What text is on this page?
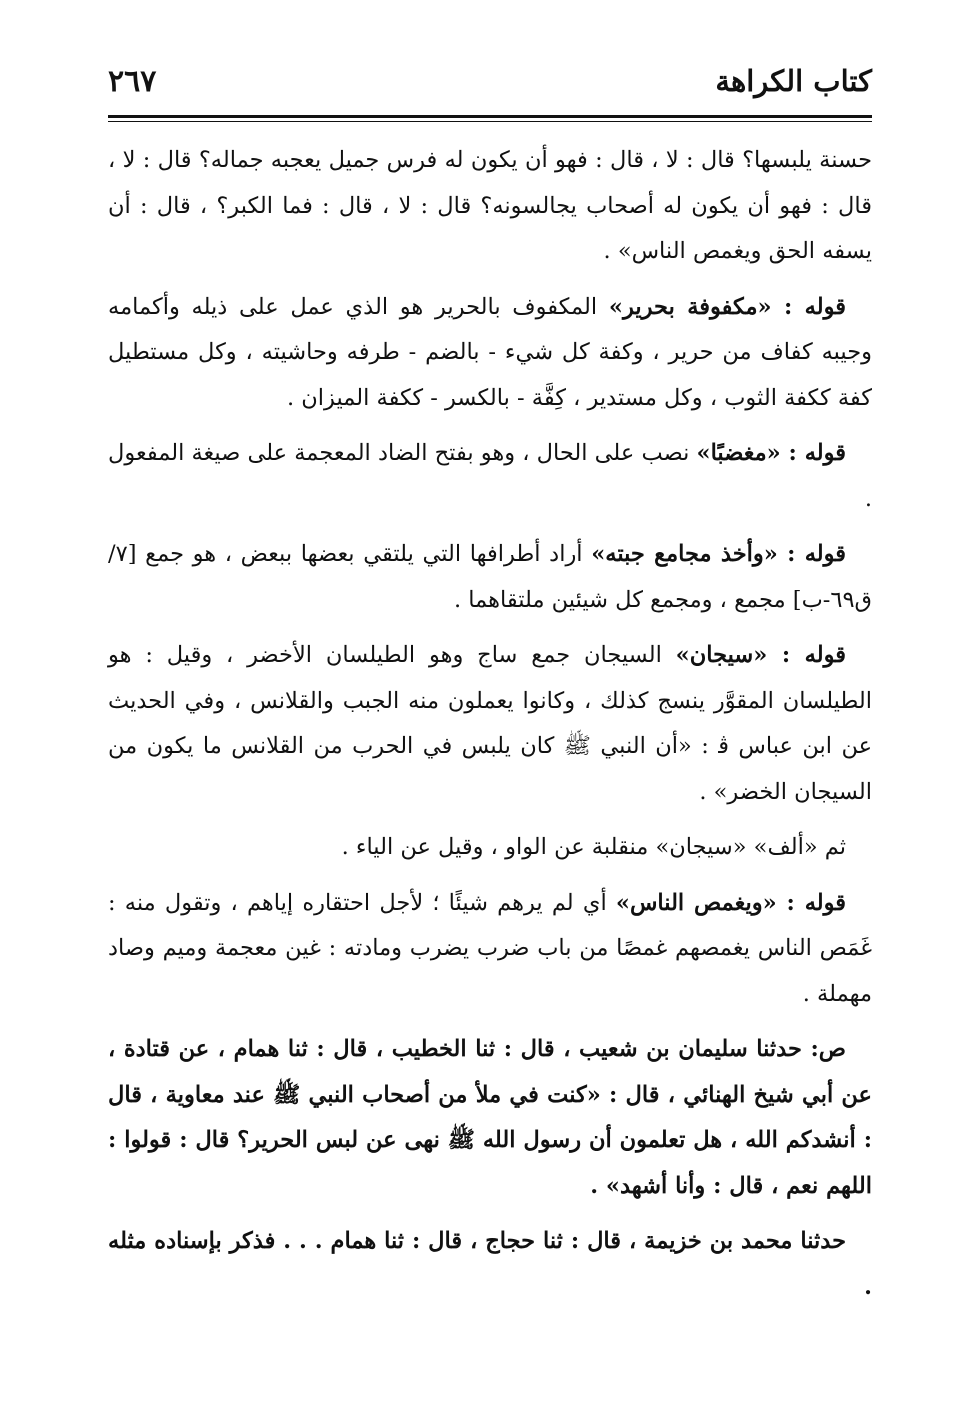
كتاب الكراهة
٢٦٧

حسنة يلبسها؟ قال : لا ، قال : فهو أن يكون له فرس جميل يعجبه جماله؟ قال : لا ، قال : فهو أن يكون له أصحاب يجالسونه؟ قال : لا ، قال : فما الكبر؟ ، قال : أن يسفه الحق ويغمص الناس» .

قوله : «مكفوفة بحرير» المكفوف بالحرير هو الذي عمل على ذيله وأكمامه وجيبه كفاف من حرير ، وكفة كل شيء - بالضم - طرفه وحاشيته ، وكل مستطيل كفة ككفة الثوب ، وكل مستدير ، كِفَّة - بالكسر - ككفة الميزان .

قوله : «مغضبًا» نصب على الحال ، وهو بفتح الضاد المعجمة على صيغة المفعول .

قوله : «وأخذ مجامع جبته» أراد أطرافها التي يلتقي بعضها ببعض ، هو جمع [٧/ ق٦٩-ب] مجمع ، ومجمع كل شيئين ملتقاهما .

قوله : «سيجان» السيجان جمع ساج وهو الطيلسان الأخضر ، وقيل : هو الطيلسان المقوَّر ينسج كذلك ، وكانوا يعملون منه الجبب والقلانس ، وفي الحديث عن ابن عباس ﭬ : «أن النبي ﷺ كان يلبس في الحرب من القلانس ما يكون من السيجان الخضر» .

ثم «ألف» «سيجان» منقلبة عن الواو ، وقيل عن الياء .

قوله : «ويغمص الناس» أي لم يرهم شيئًا ؛ لأجل احتقاره إياهم ، وتقول منه : غَمَص الناس يغمصهم غمصًا من باب ضرب يضرب ومادته : غين معجمة وميم وصاد مهملة .

ص: حدثنا سليمان بن شعيب ، قال : ثنا الخطيب ، قال : ثنا همام ، عن قتادة ، عن أبي شيخ الهنائي ، قال : «كنت في ملأ من أصحاب النبي ﷺ عند معاوية ، قال : أنشدكم الله ، هل تعلمون أن رسول الله ﷺ نهى عن لبس الحرير؟ قال : قولوا : اللهم نعم ، قال : وأنا أشهد» .

حدثنا محمد بن خزيمة ، قال : ثنا حجاج ، قال : ثنا همام . . . فذكر بإسناده مثله .
